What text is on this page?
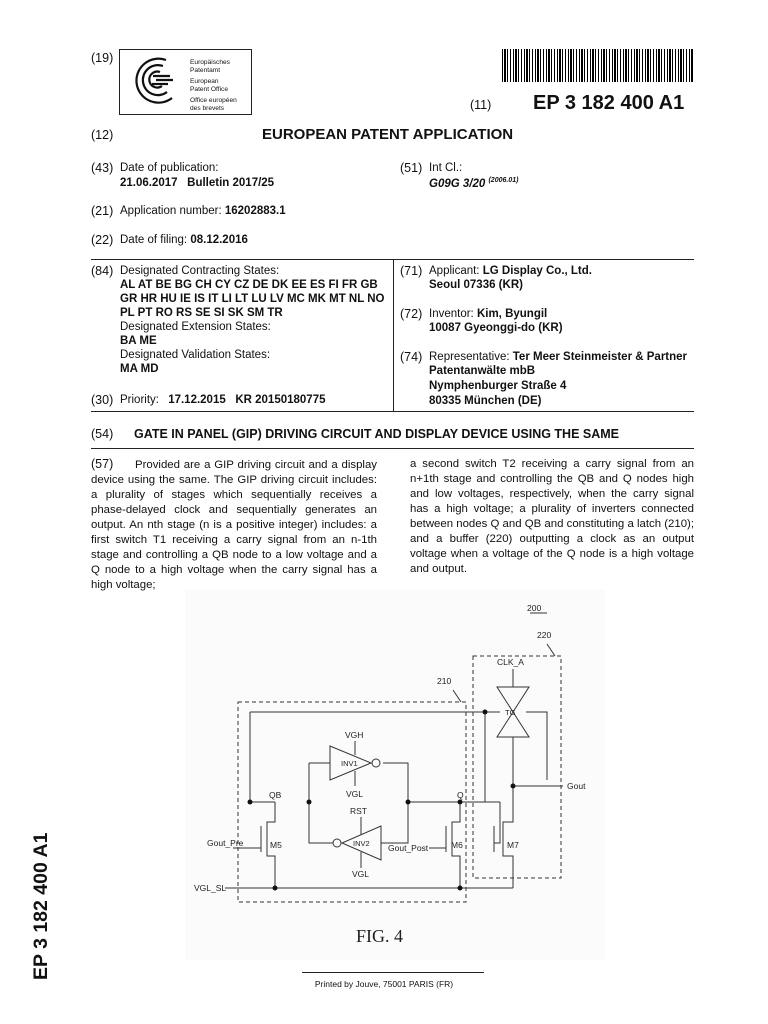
(19)	Europäisches
Patentamt
European
Patent Office
Office européen
des brevets	(11) EP 3 182 400 A1
(12)	EUROPEAN PATENT APPLICATION
(43) Date of publication:
21.06.2017   Bulletin 2017/25
(51) Int Cl.:
G09G 3/20 $^{(2006.01)}$
(21) Application number: 16202883.1
(22) Date of filing: 08.12.2016
(84) Designated Contracting States:
AL AT BE BG CH CY CZ DE DK EE ES FI FR GB
GR HR HU IE IS IT LI LT LU LV MC MK MT NL NO
PL PT RO RS SE SI SK SM TR
Designated Extension States:
BA ME
Designated Validation States:
MA MD
(30) Priority: 17.12.2015   KR 20150180775
(71) Applicant: LG Display Co., Ltd.
Seoul 07336 (KR)
(72) Inventor: Kim, Byungil
10087 Gyeonggi-do (KR)
(74) Representative: Ter Meer Steinmeister & Partner
Patentanwälte mbB
Nymphenburger Straße 4
80335 München (DE)
(54) GATE IN PANEL (GIP) DRIVING CIRCUIT AND DISPLAY DEVICE USING THE SAME

(57) Provided are a GIP driving circuit and a display device using the same. The GIP driving circuit includes: a plurality of stages which sequentially receives a phase-delayed clock and sequentially generates an output. An nth stage (n is a positive integer) includes: a first switch T1 receiving a carry signal from an n-1th stage and controlling a QB node to a low voltage and a Q node to a high voltage when the carry signal has a high voltage;

a second switch T2 receiving a carry signal from an n+1th stage and controlling the QB and Q nodes high and low voltages, respectively, when the carry signal has a high voltage; a plurality of inverters connected between nodes Q and QB and constituting a latch (210); and a buffer (220) outputting a clock as an output voltage when a voltage of the Q node is a high voltage and output.

200
220
210
CLK_A
TG
Gout
VGH
INV1
VGL
RST
INV2
VGL
QB	Q
Gout_Pre	M5	Gout_Post	M6	M7
VGL_SL
FIG. 4
EP 3 182 400 A1
Printed by Jouve, 75001 PARIS (FR)
